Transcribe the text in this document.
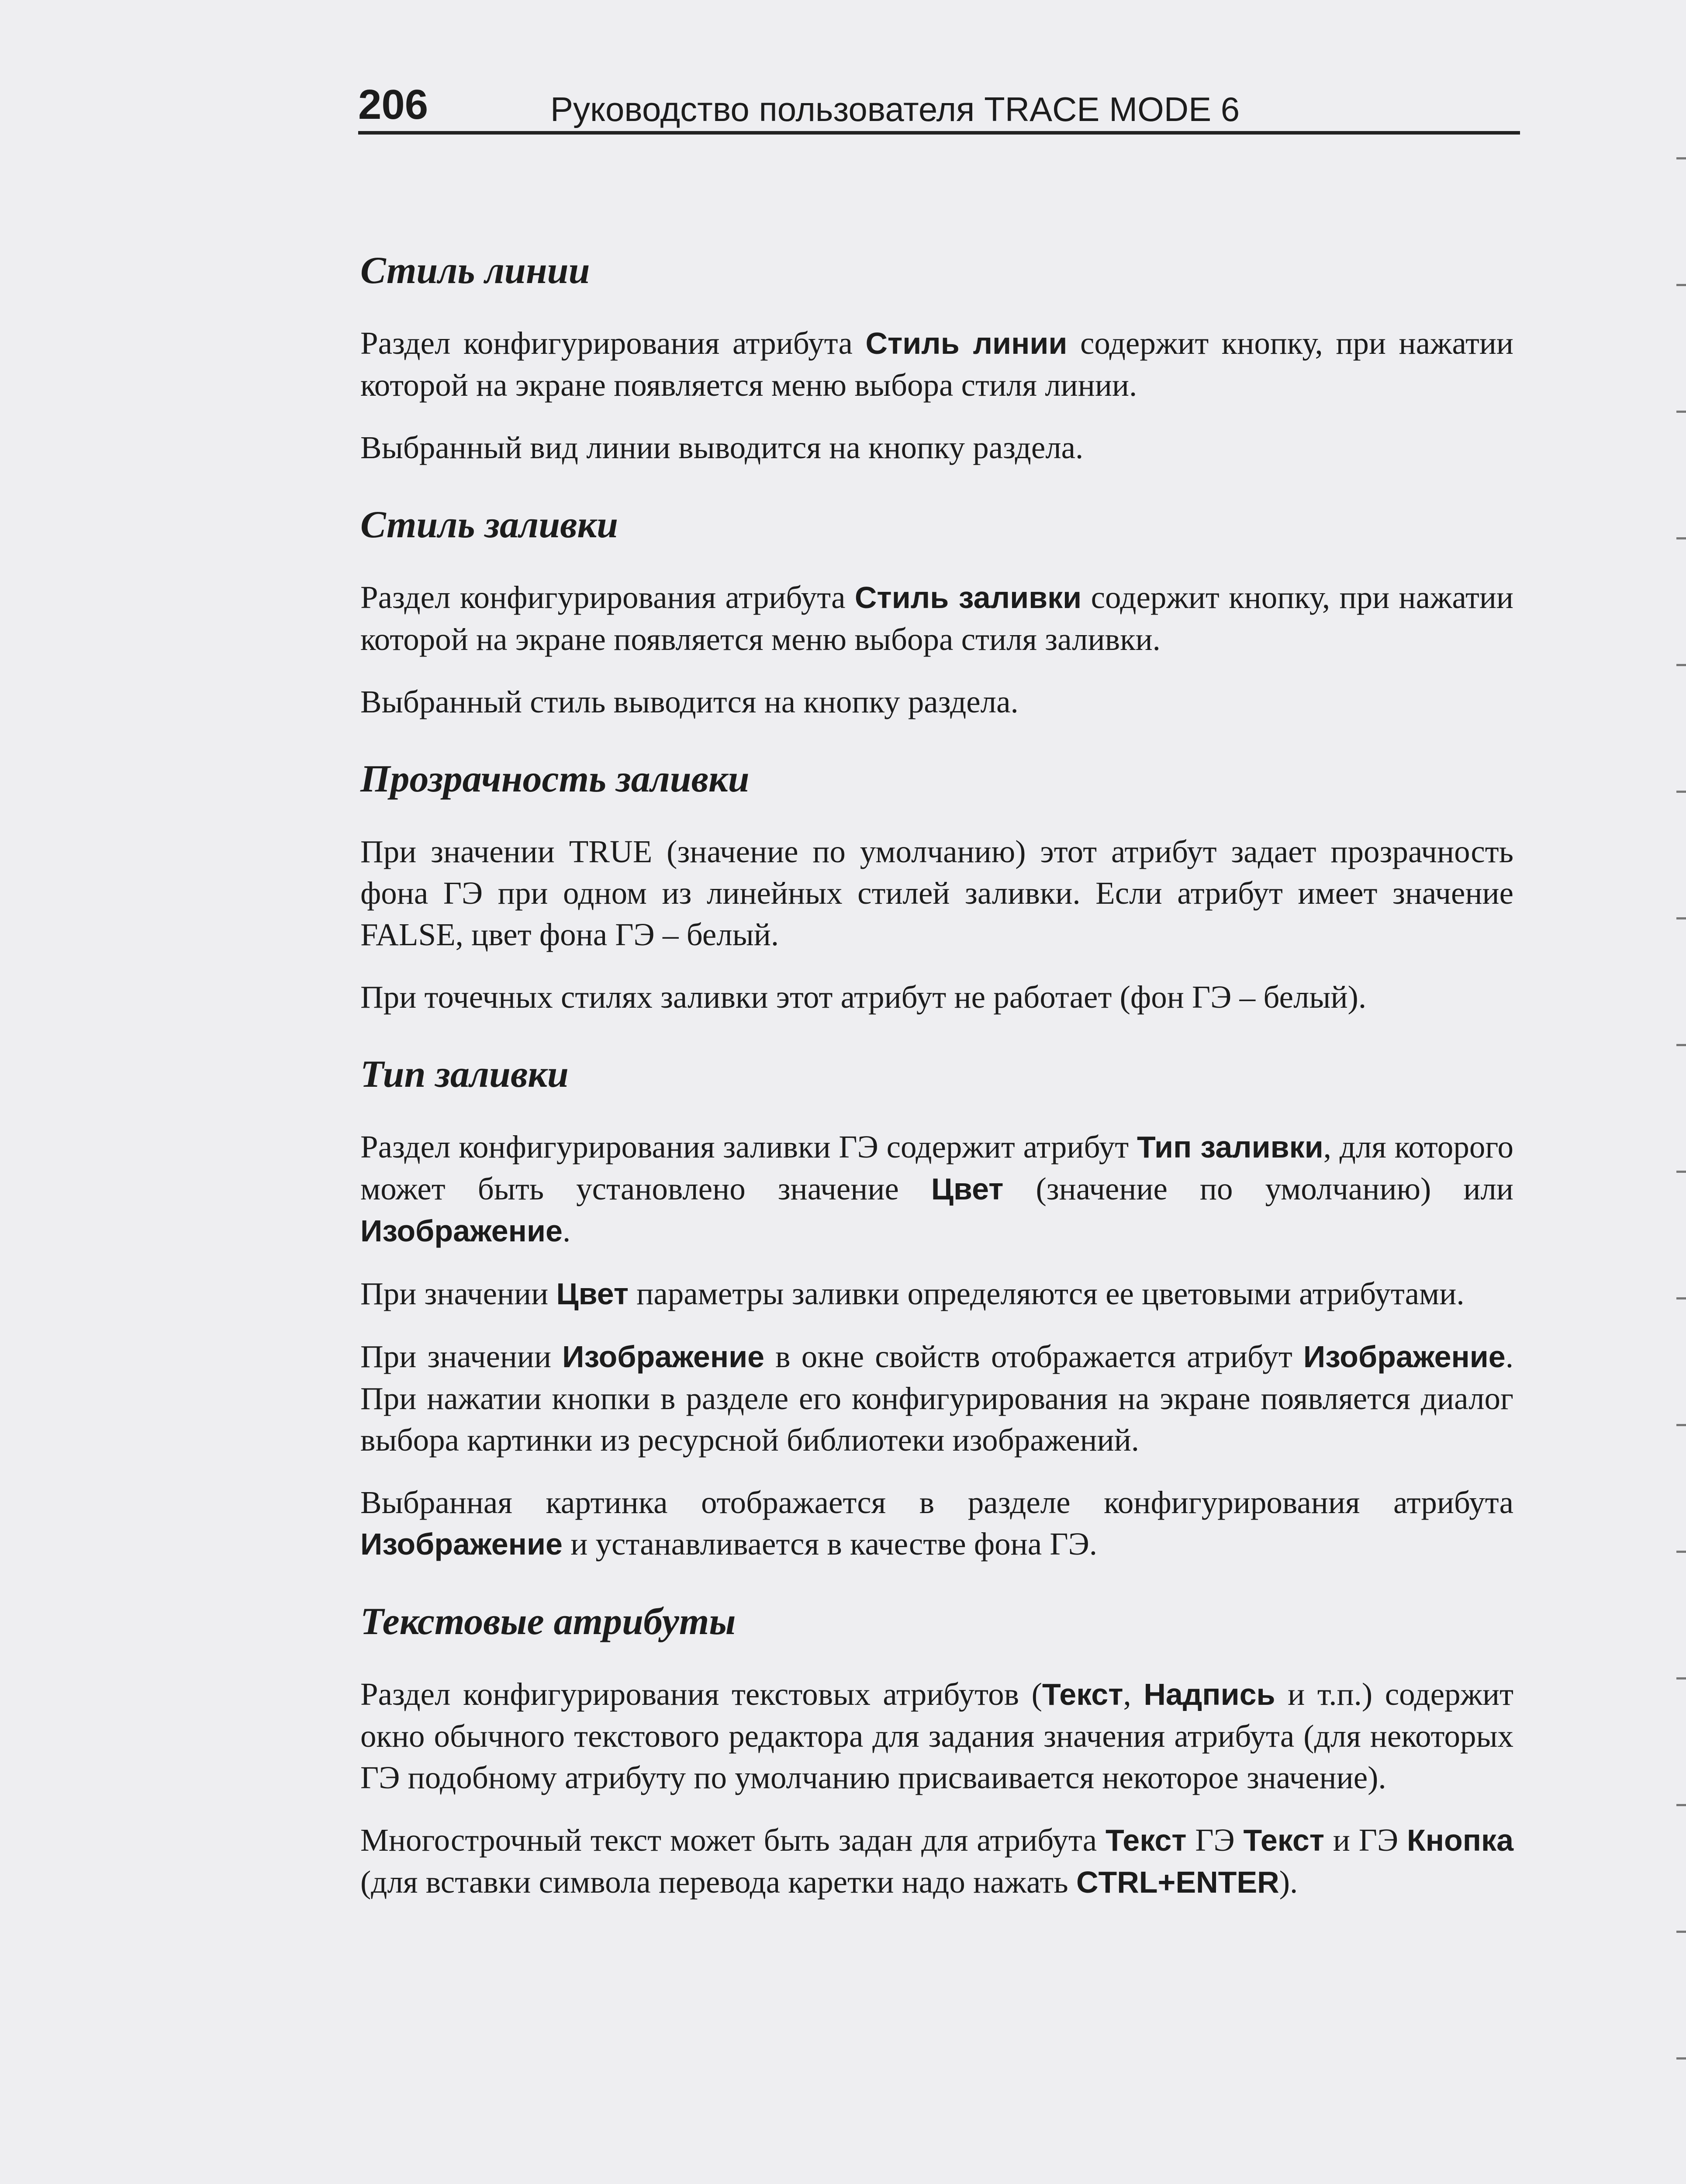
206	Руководство пользователя TRACE MODE 6
Стиль линии

Раздел конфигурирования атрибута Стиль линии содержит кнопку, при нажатии которой на экране появляется меню выбора стиля линии.

Выбранный вид линии выводится на кнопку раздела.

Стиль заливки

Раздел конфигурирования атрибута Стиль заливки содержит кнопку, при нажатии которой на экране появляется меню выбора стиля заливки.

Выбранный стиль выводится на кнопку раздела.

Прозрачность заливки

При значении TRUE (значение по умолчанию) этот атрибут задает прозрачность фона ГЭ при одном из линейных стилей заливки. Если атрибут имеет значение FALSE, цвет фона ГЭ – белый.

При точечных стилях заливки этот атрибут не работает (фон ГЭ – белый).

Тип заливки

Раздел конфигурирования заливки ГЭ содержит атрибут Тип заливки, для которого может быть установлено значение Цвет (значение по умолчанию) или Изображение.

При значении Цвет параметры заливки определяются ее цветовыми атрибутами.

При значении Изображение в окне свойств отображается атрибут Изображение. При нажатии кнопки в разделе его конфигурирования на экране появляется диалог выбора картинки из ресурсной библиотеки изображений.

Выбранная картинка отображается в разделе конфигурирования атрибута Изображение и устанавливается в качестве фона ГЭ.

Текстовые атрибуты

Раздел конфигурирования текстовых атрибутов (Текст, Надпись и т.п.) содержит окно обычного текстового редактора для задания значения атрибута (для некоторых ГЭ подобному атрибуту по умолчанию присваивается некоторое значение).

Многострочный текст может быть задан для атрибута Текст ГЭ Текст и ГЭ Кнопка (для вставки символа перевода каретки надо нажать CTRL+ENTER).
